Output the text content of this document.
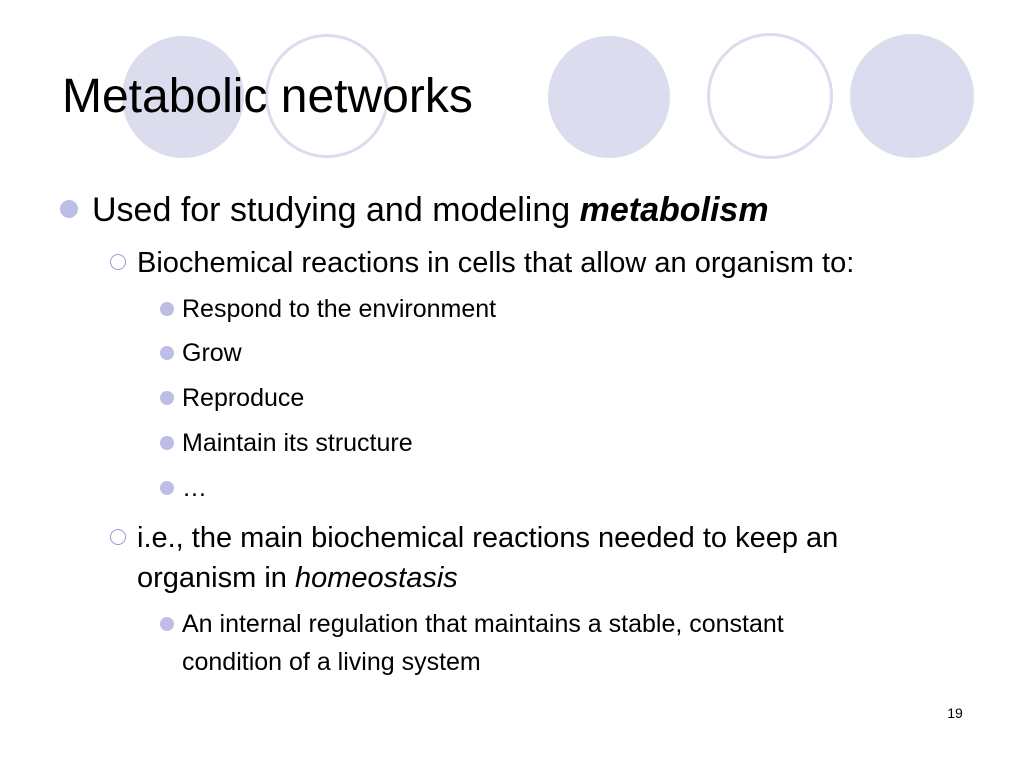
Metabolic networks
Used for studying and modeling metabolism
Biochemical reactions in cells that allow an organism to:
Respond to the environment
Grow
Reproduce
Maintain its structure
…
i.e., the main biochemical reactions needed to keep an
organism in homeostasis
An internal regulation that maintains a stable, constant
condition of a living system
19
